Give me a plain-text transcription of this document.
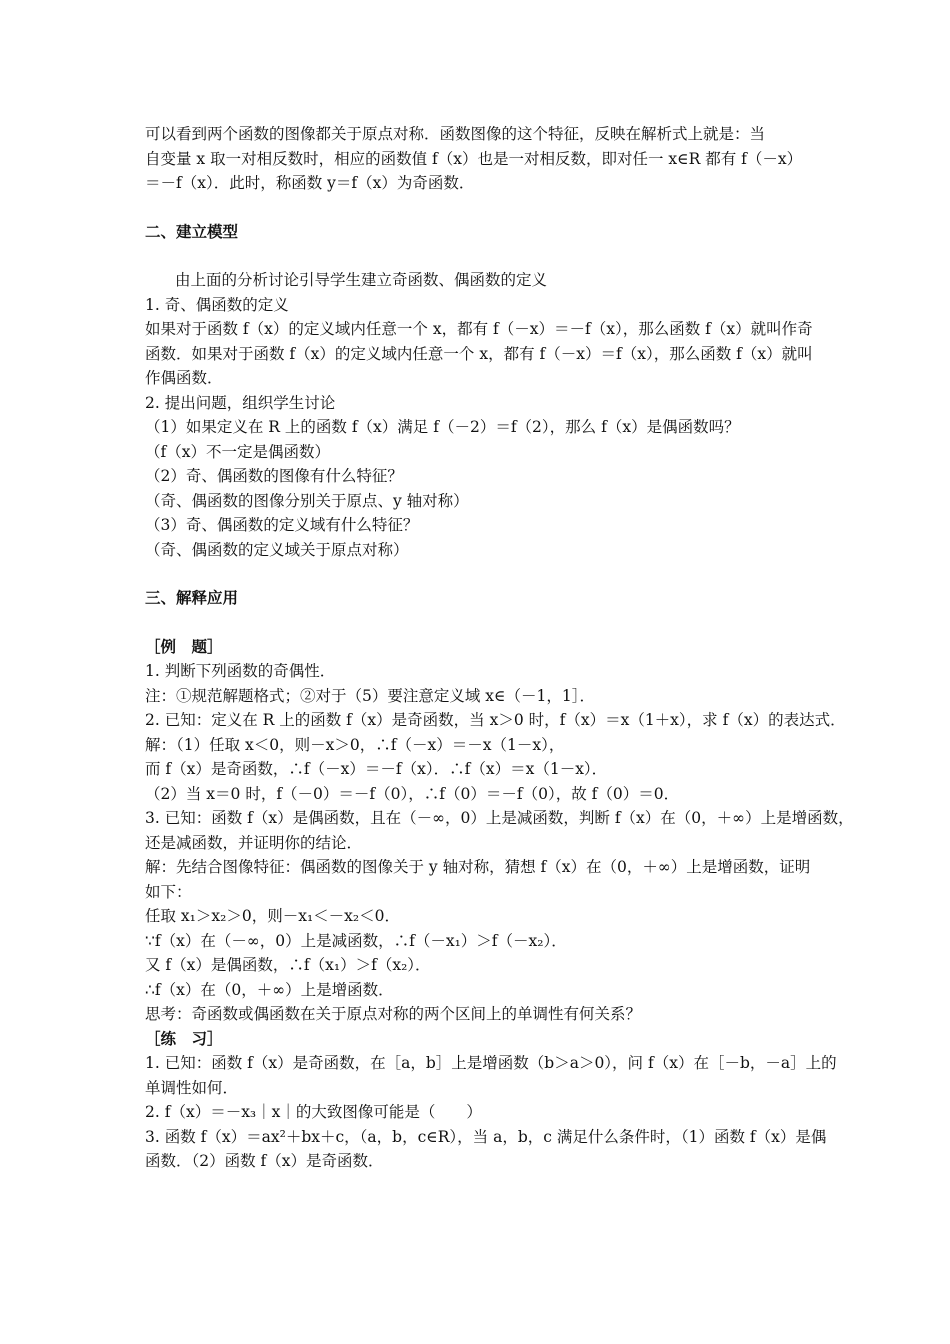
可以看到两个函数的图像都关于原点对称．函数图像的这个特征，反映在解析式上就是：当

自变量 x 取一对相反数时，相应的函数值 f（x）也是一对相反数，即对任一 x∈R 都有 f（－x）

＝－f（x）．此时，称函数 y＝f（x）为奇函数．

二、建立模型

由上面的分析讨论引导学生建立奇函数、偶函数的定义

1. 奇、偶函数的定义

如果对于函数 f（x）的定义域内任意一个 x，都有 f（－x）＝－f（x），那么函数 f（x）就叫作奇

函数．如果对于函数 f（x）的定义域内任意一个 x，都有 f（－x）＝f（x），那么函数 f（x）就叫

作偶函数．

2. 提出问题，组织学生讨论

（1）如果定义在 R 上的函数 f（x）满足 f（－2）＝f（2），那么 f（x）是偶函数吗？

（f（x）不一定是偶函数）

（2）奇、偶函数的图像有什么特征？

（奇、偶函数的图像分别关于原点、y 轴对称）

（3）奇、偶函数的定义域有什么特征？

（奇、偶函数的定义域关于原点对称）

三、解释应用

［例　题］

1. 判断下列函数的奇偶性．

注：①规范解题格式；②对于（5）要注意定义域 x∈（－1，1］．

2. 已知：定义在 R 上的函数 f（x）是奇函数，当 x＞0 时，f（x）＝x（1＋x），求 f（x）的表达式．

解：（1）任取 x＜0，则－x＞0，∴f（－x）＝－x（1－x），

而 f（x）是奇函数，∴f（－x）＝－f（x）．∴f（x）＝x（1－x）．

（2）当 x＝0 时，f（－0）＝－f（0），∴f（0）＝－f（0），故 f（0）＝0．

3. 已知：函数 f（x）是偶函数，且在（－∞，0）上是减函数，判断 f（x）在（0，＋∞）上是增函数，

还是减函数，并证明你的结论．

解：先结合图像特征：偶函数的图像关于 y 轴对称，猜想 f（x）在（0，＋∞）上是增函数，证明

如下：

任取 x₁＞x₂＞0，则－x₁＜－x₂＜0．

∵f（x）在（－∞，0）上是减函数，∴f（－x₁）＞f（－x₂）．

又 f（x）是偶函数，∴f（x₁）＞f（x₂）．

∴f（x）在（0，＋∞）上是增函数．

思考：奇函数或偶函数在关于原点对称的两个区间上的单调性有何关系？

［练　习］

1. 已知：函数 f（x）是奇函数，在［a，b］上是增函数（b＞a＞0），问 f（x）在［－b，－a］上的

单调性如何．

2. f（x）＝－x₃｜x｜的大致图像可能是（　　）

3. 函数 f（x）＝ax²＋bx＋c，（a，b，c∈R），当 a，b，c 满足什么条件时，（1）函数 f（x）是偶

函数．（2）函数 f（x）是奇函数．
